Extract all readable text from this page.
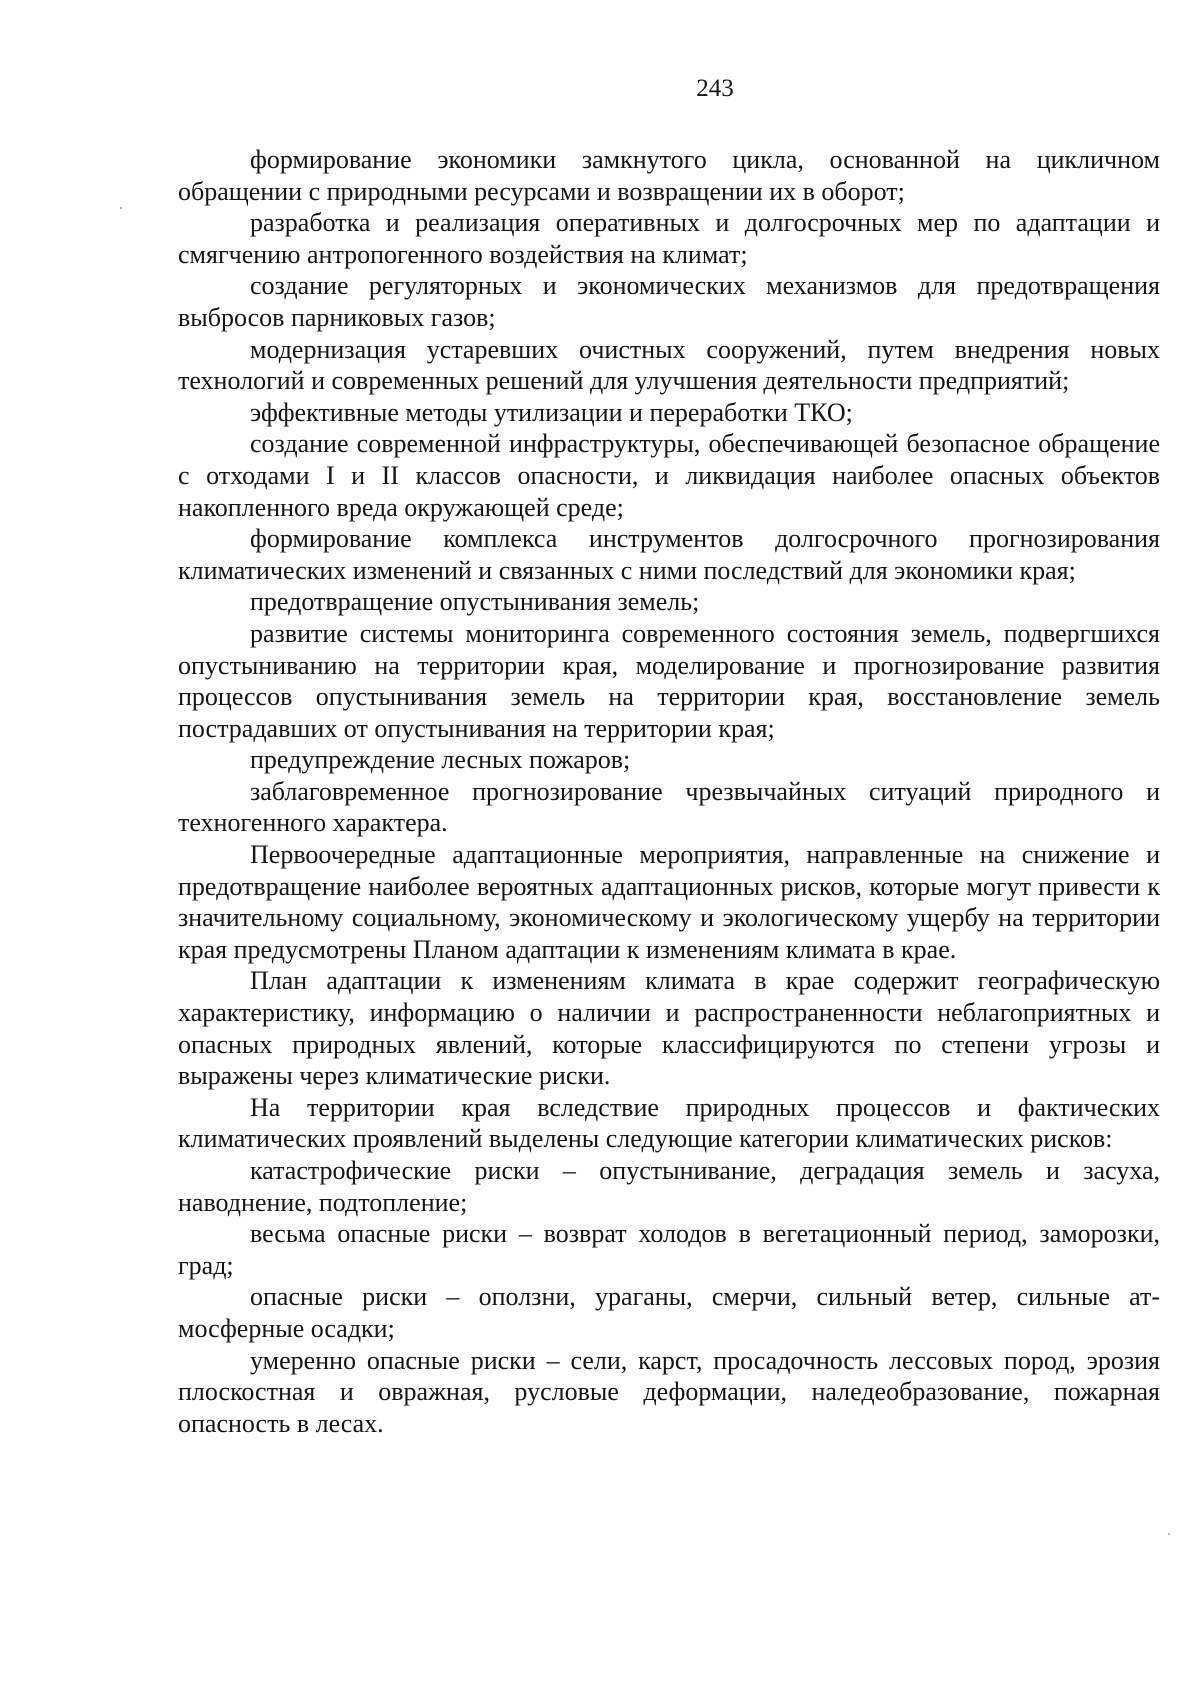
243

формирование экономики замкнутого цикла, основанной на цикличном обращении с природными ресурсами и возвращении их в оборот;

разработка и реализация оперативных и долгосрочных мер по адаптации и смягчению антропогенного воздействия на климат;

создание регуляторных и экономических механизмов для предотвращения выбросов парниковых газов;

модернизация устаревших очистных сооружений, путем внедрения новых технологий и современных решений для улучшения деятельности предприятий;

эффективные методы утилизации и переработки ТКО;

создание современной инфраструктуры, обеспечивающей безопасное обращение с отходами I и II классов опасности, и ликвидация наиболее опасных объектов накопленного вреда окружающей среде;

формирование комплекса инструментов долгосрочного прогнозирования климатических изменений и связанных с ними последствий для экономики края;

предотвращение опустынивания земель;

развитие системы мониторинга современного состояния земель, подвергшихся опустыниванию на территории края, моделирование и прогнозирование развития процессов опустынивания земель на территории края, восстановление земель пострадавших от опустынивания на территории края;

предупреждение лесных пожаров;

заблаговременное прогнозирование чрезвычайных ситуаций природного и техногенного характера.

Первоочередные адаптационные мероприятия, направленные на снижение и предотвращение наиболее вероятных адаптационных рисков, которые могут привести к значительному социальному, экономическому и экологическому ущербу на территории края предусмотрены Планом адаптации к изменениям климата в крае.

План адаптации к изменениям климата в крае содержит географическую характеристику, информацию о наличии и распространенности неблагоприятных и опасных природных явлений, которые классифицируются по степени угрозы и выражены через климатические риски.

На территории края вследствие природных процессов и фактических климатических проявлений выделены следующие категории климатических рисков:

катастрофические риски – опустынивание, деградация земель и засуха, наводнение, подтопление;

весьма опасные риски – возврат холодов в вегетационный период, заморозки, град;

опасные риски – оползни, ураганы, смерчи, сильный ветер, сильные атмосферные осадки;

умеренно опасные риски – сели, карст, просадочность лессовых пород, эрозия плоскостная и овражная, русловые деформации, наледеобразование, пожарная опасность в лесах.
